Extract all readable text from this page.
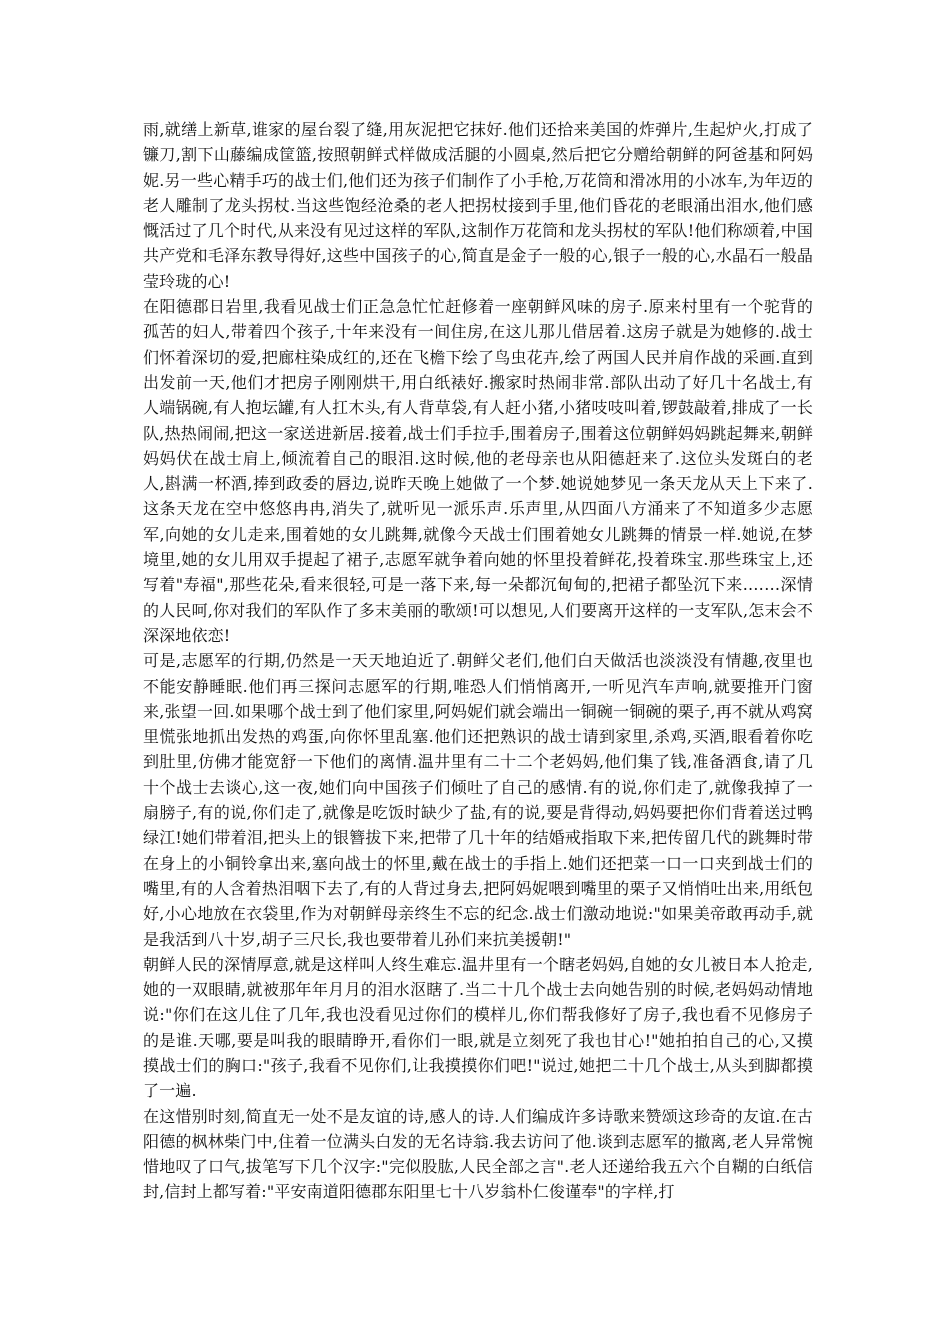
雨,就缮上新草,谁家的屋台裂了缝,用灰泥把它抹好.他们还拾来美国的炸弹片,生起炉火,打成了镰刀,割下山藤编成筐篮,按照朝鲜式样做成活腿的小圆桌,然后把它分赠给朝鲜的阿爸基和阿妈妮.另一些心精手巧的战士们,他们还为孩子们制作了小手枪,万花筒和滑冰用的小冰车,为年迈的老人雕制了龙头拐杖.当这些饱经沧桑的老人把拐杖接到手里,他们昏花的老眼涌出泪水,他们感慨活过了几个时代,从来没有见过这样的军队,这制作万花筒和龙头拐杖的军队!他们称颂着,中国共产党和毛泽东教导得好,这些中国孩子的心,简直是金子一般的心,银子一般的心,水晶石一般晶莹玲珑的心!

在阳德郡日岩里,我看见战士们正急急忙忙赶修着一座朝鲜风味的房子.原来村里有一个驼背的孤苦的妇人,带着四个孩子,十年来没有一间住房,在这儿那儿借居着.这房子就是为她修的.战士们怀着深切的爱,把廊柱染成红的,还在飞檐下绘了鸟虫花卉,绘了两国人民并肩作战的采画.直到出发前一天,他们才把房子刚刚烘干,用白纸裱好.搬家时热闹非常.部队出动了好几十名战士,有人端锅碗,有人抱坛罐,有人扛木头,有人背草袋,有人赶小猪,小猪吱吱叫着,锣鼓敲着,排成了一长队,热热闹闹,把这一家送进新居.接着,战士们手拉手,围着房子,围着这位朝鲜妈妈跳起舞来,朝鲜妈妈伏在战士肩上,倾流着自己的眼泪.这时候,他的老母亲也从阳德赶来了.这位头发斑白的老人,斟满一杯酒,捧到政委的唇边,说昨天晚上她做了一个梦.她说她梦见一条天龙从天上下来了.这条天龙在空中悠悠冉冉,消失了,就听见一派乐声.乐声里,从四面八方涌来了不知道多少志愿军,向她的女儿走来,围着她的女儿跳舞,就像今天战士们围着她女儿跳舞的情景一样.她说,在梦境里,她的女儿用双手提起了裙子,志愿军就争着向她的怀里投着鲜花,投着珠宝.那些珠宝上,还写着"寿福",那些花朵,看来很轻,可是一落下来,每一朵都沉甸甸的,把裙子都坠沉下来.……深情的人民呵,你对我们的军队作了多末美丽的歌颂!可以想见,人们要离开这样的一支军队,怎末会不深深地依恋!

可是,志愿军的行期,仍然是一天天地迫近了.朝鲜父老们,他们白天做活也淡淡没有情趣,夜里也不能安静睡眠.他们再三探问志愿军的行期,唯恐人们悄悄离开,一听见汽车声响,就要推开门窗来,张望一回.如果哪个战士到了他们家里,阿妈妮们就会端出一铜碗一铜碗的栗子,再不就从鸡窝里慌张地抓出发热的鸡蛋,向你怀里乱塞.他们还把熟识的战士请到家里,杀鸡,买酒,眼看着你吃到肚里,仿佛才能宽舒一下他们的离情.温井里有二十二个老妈妈,他们集了钱,准备酒食,请了几十个战士去谈心,这一夜,她们向中国孩子们倾吐了自己的感情.有的说,你们走了,就像我掉了一扇膀子,有的说,你们走了,就像是吃饭时缺少了盐,有的说,要是背得动,妈妈要把你们背着送过鸭绿江!她们带着泪,把头上的银簪拔下来,把带了几十年的结婚戒指取下来,把传留几代的跳舞时带在身上的小铜铃拿出来,塞向战士的怀里,戴在战士的手指上.她们还把菜一口一口夹到战士们的嘴里,有的人含着热泪咽下去了,有的人背过身去,把阿妈妮喂到嘴里的栗子又悄悄吐出来,用纸包好,小心地放在衣袋里,作为对朝鲜母亲终生不忘的纪念.战士们激动地说:"如果美帝敢再动手,就是我活到八十岁,胡子三尺长,我也要带着儿孙们来抗美援朝!"

朝鲜人民的深情厚意,就是这样叫人终生难忘.温井里有一个瞎老妈妈,自她的女儿被日本人抢走,她的一双眼睛,就被那年年月月的泪水沤瞎了.当二十几个战士去向她告别的时候,老妈妈动情地说:"你们在这儿住了几年,我也没看见过你们的模样儿,你们帮我修好了房子,我也看不见修房子的是谁.天哪,要是叫我的眼睛睁开,看你们一眼,就是立刻死了我也甘心!"她拍拍自己的心,又摸摸战士们的胸口:"孩子,我看不见你们,让我摸摸你们吧!"说过,她把二十几个战士,从头到脚都摸了一遍.

在这惜别时刻,简直无一处不是友谊的诗,感人的诗.人们编成许多诗歌来赞颂这珍奇的友谊.在古阳德的枫林柴门中,住着一位满头白发的无名诗翁.我去访问了他.谈到志愿军的撤离,老人异常惋惜地叹了口气,拔笔写下几个汉字:"完似股肱,人民全部之言".老人还递给我五六个自糊的白纸信封,信封上都写着:"平安南道阳德郡东阳里七十八岁翁朴仁俊谨奉"的字样,打
